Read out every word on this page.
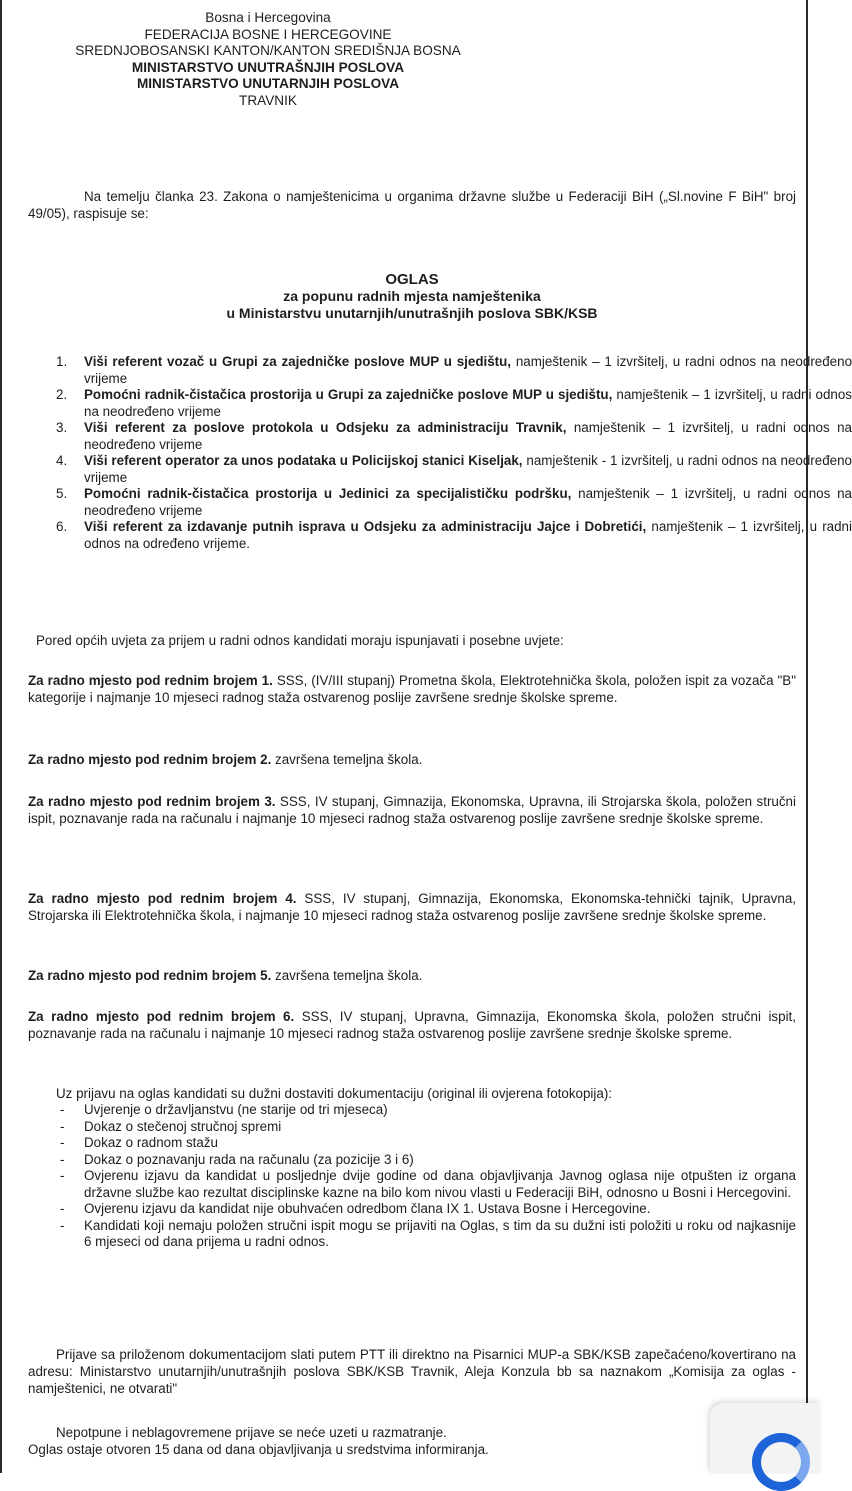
Bosna i Hercegovina
FEDERACIJA BOSNE I HERCEGOVINE
SREDNJOBOSANSKI KANTON/KANTON SREDIŠNJA BOSNA
MINISTARSTVO UNUTRAŠNJIH POSLOVA
MINISTARSTVO UNUTARNJIH POSLOVA
TRAVNIK
Na temelju članka 23. Zakona o namještenicima u organima državne službe u Federaciji BiH („Sl.novine F BiH" broj 49/05), raspisuje se:
OGLAS
za popunu radnih mjesta namještenika
u Ministarstvu unutarnjih/unutrašnjih poslova SBK/KSB
1. Viši referent vozač u Grupi za zajedničke poslove MUP u sjedištu, namještenik – 1 izvršitelj, u radni odnos na neodređeno vrijeme
2. Pomoćni radnik-čistačica prostorija u Grupi za zajedničke poslove MUP u sjedištu, namještenik – 1 izvršitelj, u radni odnos na neodređeno vrijeme
3. Viši referent za poslove protokola u Odsjeku za administraciju Travnik, namještenik – 1 izvršitelj, u radni odnos na neodređeno vrijeme
4. Viši referent operator za unos podataka u Policijskoj stanici Kiseljak, namještenik - 1 izvršitelj, u radni odnos na neodređeno vrijeme
5. Pomoćni radnik-čistačica prostorija u Jedinici za specijalističku podršku, namještenik – 1 izvršitelj, u radni odnos na neodređeno vrijeme
6. Viši referent za izdavanje putnih isprava u Odsjeku za administraciju Jajce i Dobretići, namještenik – 1 izvršitelj, u radni odnos na određeno vrijeme.
Pored općih uvjeta za prijem u radni odnos kandidati moraju ispunjavati i posebne uvjete:
Za radno mjesto pod rednim brojem 1. SSS, (IV/III stupanj) Prometna škola, Elektrotehnička škola, položen ispit za vozača "B" kategorije i najmanje 10 mjeseci radnog staža ostvarenog poslije završene srednje školske spreme.
Za radno mjesto pod rednim brojem 2. završena temeljna škola.
Za radno mjesto pod rednim brojem 3. SSS, IV stupanj, Gimnazija, Ekonomska, Upravna, ili Strojarska škola, položen stručni ispit, poznavanje rada na računalu i najmanje 10 mjeseci radnog staža ostvarenog poslije završene srednje školske spreme.
Za radno mjesto pod rednim brojem 4. SSS, IV stupanj, Gimnazija, Ekonomska, Ekonomska-tehnički tajnik, Upravna, Strojarska ili Elektrotehnička škola, i najmanje 10 mjeseci radnog staža ostvarenog poslije završene srednje školske spreme.
Za radno mjesto pod rednim brojem 5. završena temeljna škola.
Za radno mjesto pod rednim brojem 6. SSS, IV stupanj, Upravna, Gimnazija, Ekonomska škola, položen stručni ispit, poznavanje rada na računalu i najmanje 10 mjeseci radnog staža ostvarenog poslije završene srednje školske spreme.
Uz prijavu na oglas kandidati su dužni dostaviti dokumentaciju (original ili ovjerena fotokopija):
- Uvjerenje o državljanstvu (ne starije od tri mjeseca)
- Dokaz o stečenoj stručnoj spremi
- Dokaz o radnom stažu
- Dokaz o poznavanju rada na računalu (za pozicije 3 i 6)
- Ovjerenu izjavu da kandidat u posljednje dvije godine od dana objavljivanja Javnog oglasa nije otpušten iz organa državne službe kao rezultat disciplinske kazne na bilo kom nivou vlasti u Federaciji BiH, odnosno u Bosni i Hercegovini.
- Ovjerenu izjavu da kandidat nije obuhvaćen odredbom člana IX 1. Ustava Bosne i Hercegovine.
- Kandidati koji nemaju položen stručni ispit mogu se prijaviti na Oglas, s tim da su dužni isti položiti u roku od najkasnije 6 mjeseci od dana prijema u radni odnos.
Prijave sa priloženom dokumentacijom slati putem PTT ili direktno na Pisarnici MUP-a SBK/KSB zapečaćeno/kovertirano na adresu: Ministarstvo unutarnjih/unutrašnjih poslova SBK/KSB Travnik, Aleja Konzula bb sa naznakom „Komisija za oglas - namještenici, ne otvarati"
Nepotpune i neblagovremene prijave se neće uzeti u razmatranje.
Oglas ostaje otvoren 15 dana od dana objavljivanja u sredstvima informiranja.
